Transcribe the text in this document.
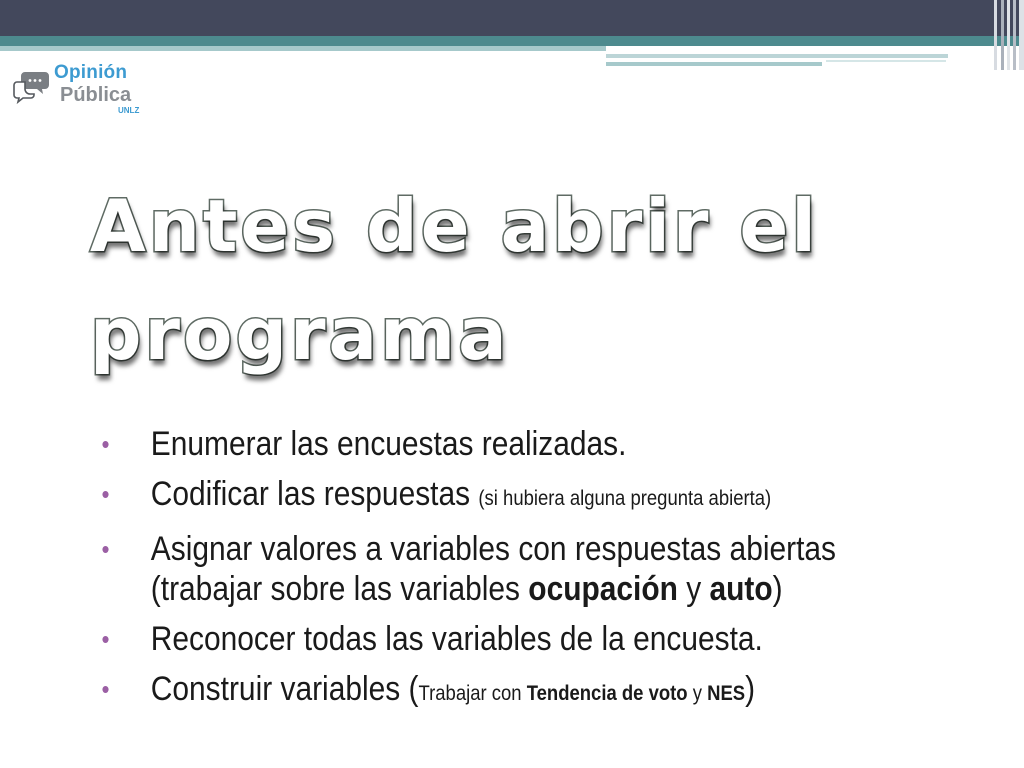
Opinión
Pública
UNLZ
Antes de abrir el
programa
• Enumerar las encuestas realizadas.
• Codificar las respuestas (si hubiera alguna pregunta abierta)
• Asignar valores a variables con respuestas abiertas (trabajar sobre las variables ocupación y auto)
• Reconocer todas las variables de la encuesta.
• Construir variables (Trabajar con Tendencia de voto y NES)
